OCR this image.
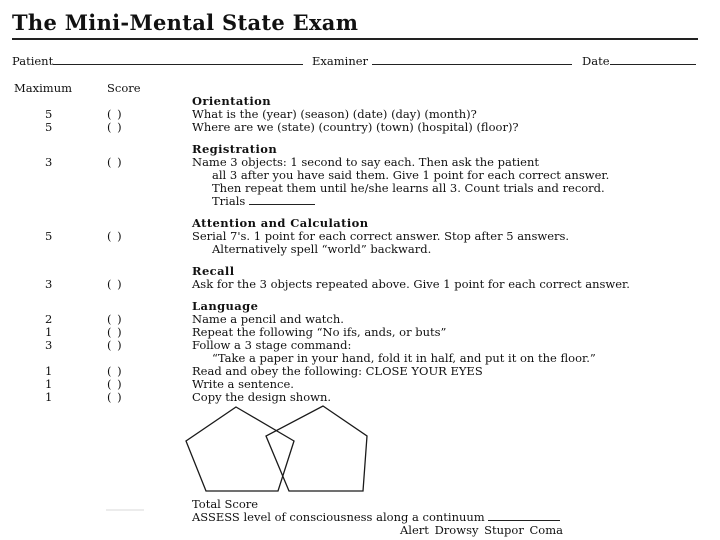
The Mini-Mental State Exam
Patient	Examiner	Date
Maximum	Score
Orientation
5	( )	What is the (year) (season) (date) (day) (month)?
5	( )	Where are we (state) (country) (town) (hospital) (floor)?
Registration
3	( )	Name 3 objects: 1 second to say each. Then ask the patient
all 3 after you have said them. Give 1 point for each correct answer.
Then repeat them until he/she learns all 3. Count trials and record.
Trials
Attention and Calculation
5	( )	Serial 7's. 1 point for each correct answer. Stop after 5 answers.
Alternatively spell “world” backward.
Recall
3	( )	Ask for the 3 objects repeated above. Give 1 point for each correct answer.
Language
2	( )	Name a pencil and watch.
1	( )	Repeat the following “No ifs, ands, or buts”
3	( )	Follow a 3 stage command:
“Take a paper in your hand, fold it in half, and put it on the floor.”
1	( )	Read and obey the following: CLOSE YOUR EYES
1	( )	Write a sentence.
1	( )	Copy the design shown.
Total Score
ASSESS level of consciousness along a continuum
Alert Drowsy Stupor Coma
